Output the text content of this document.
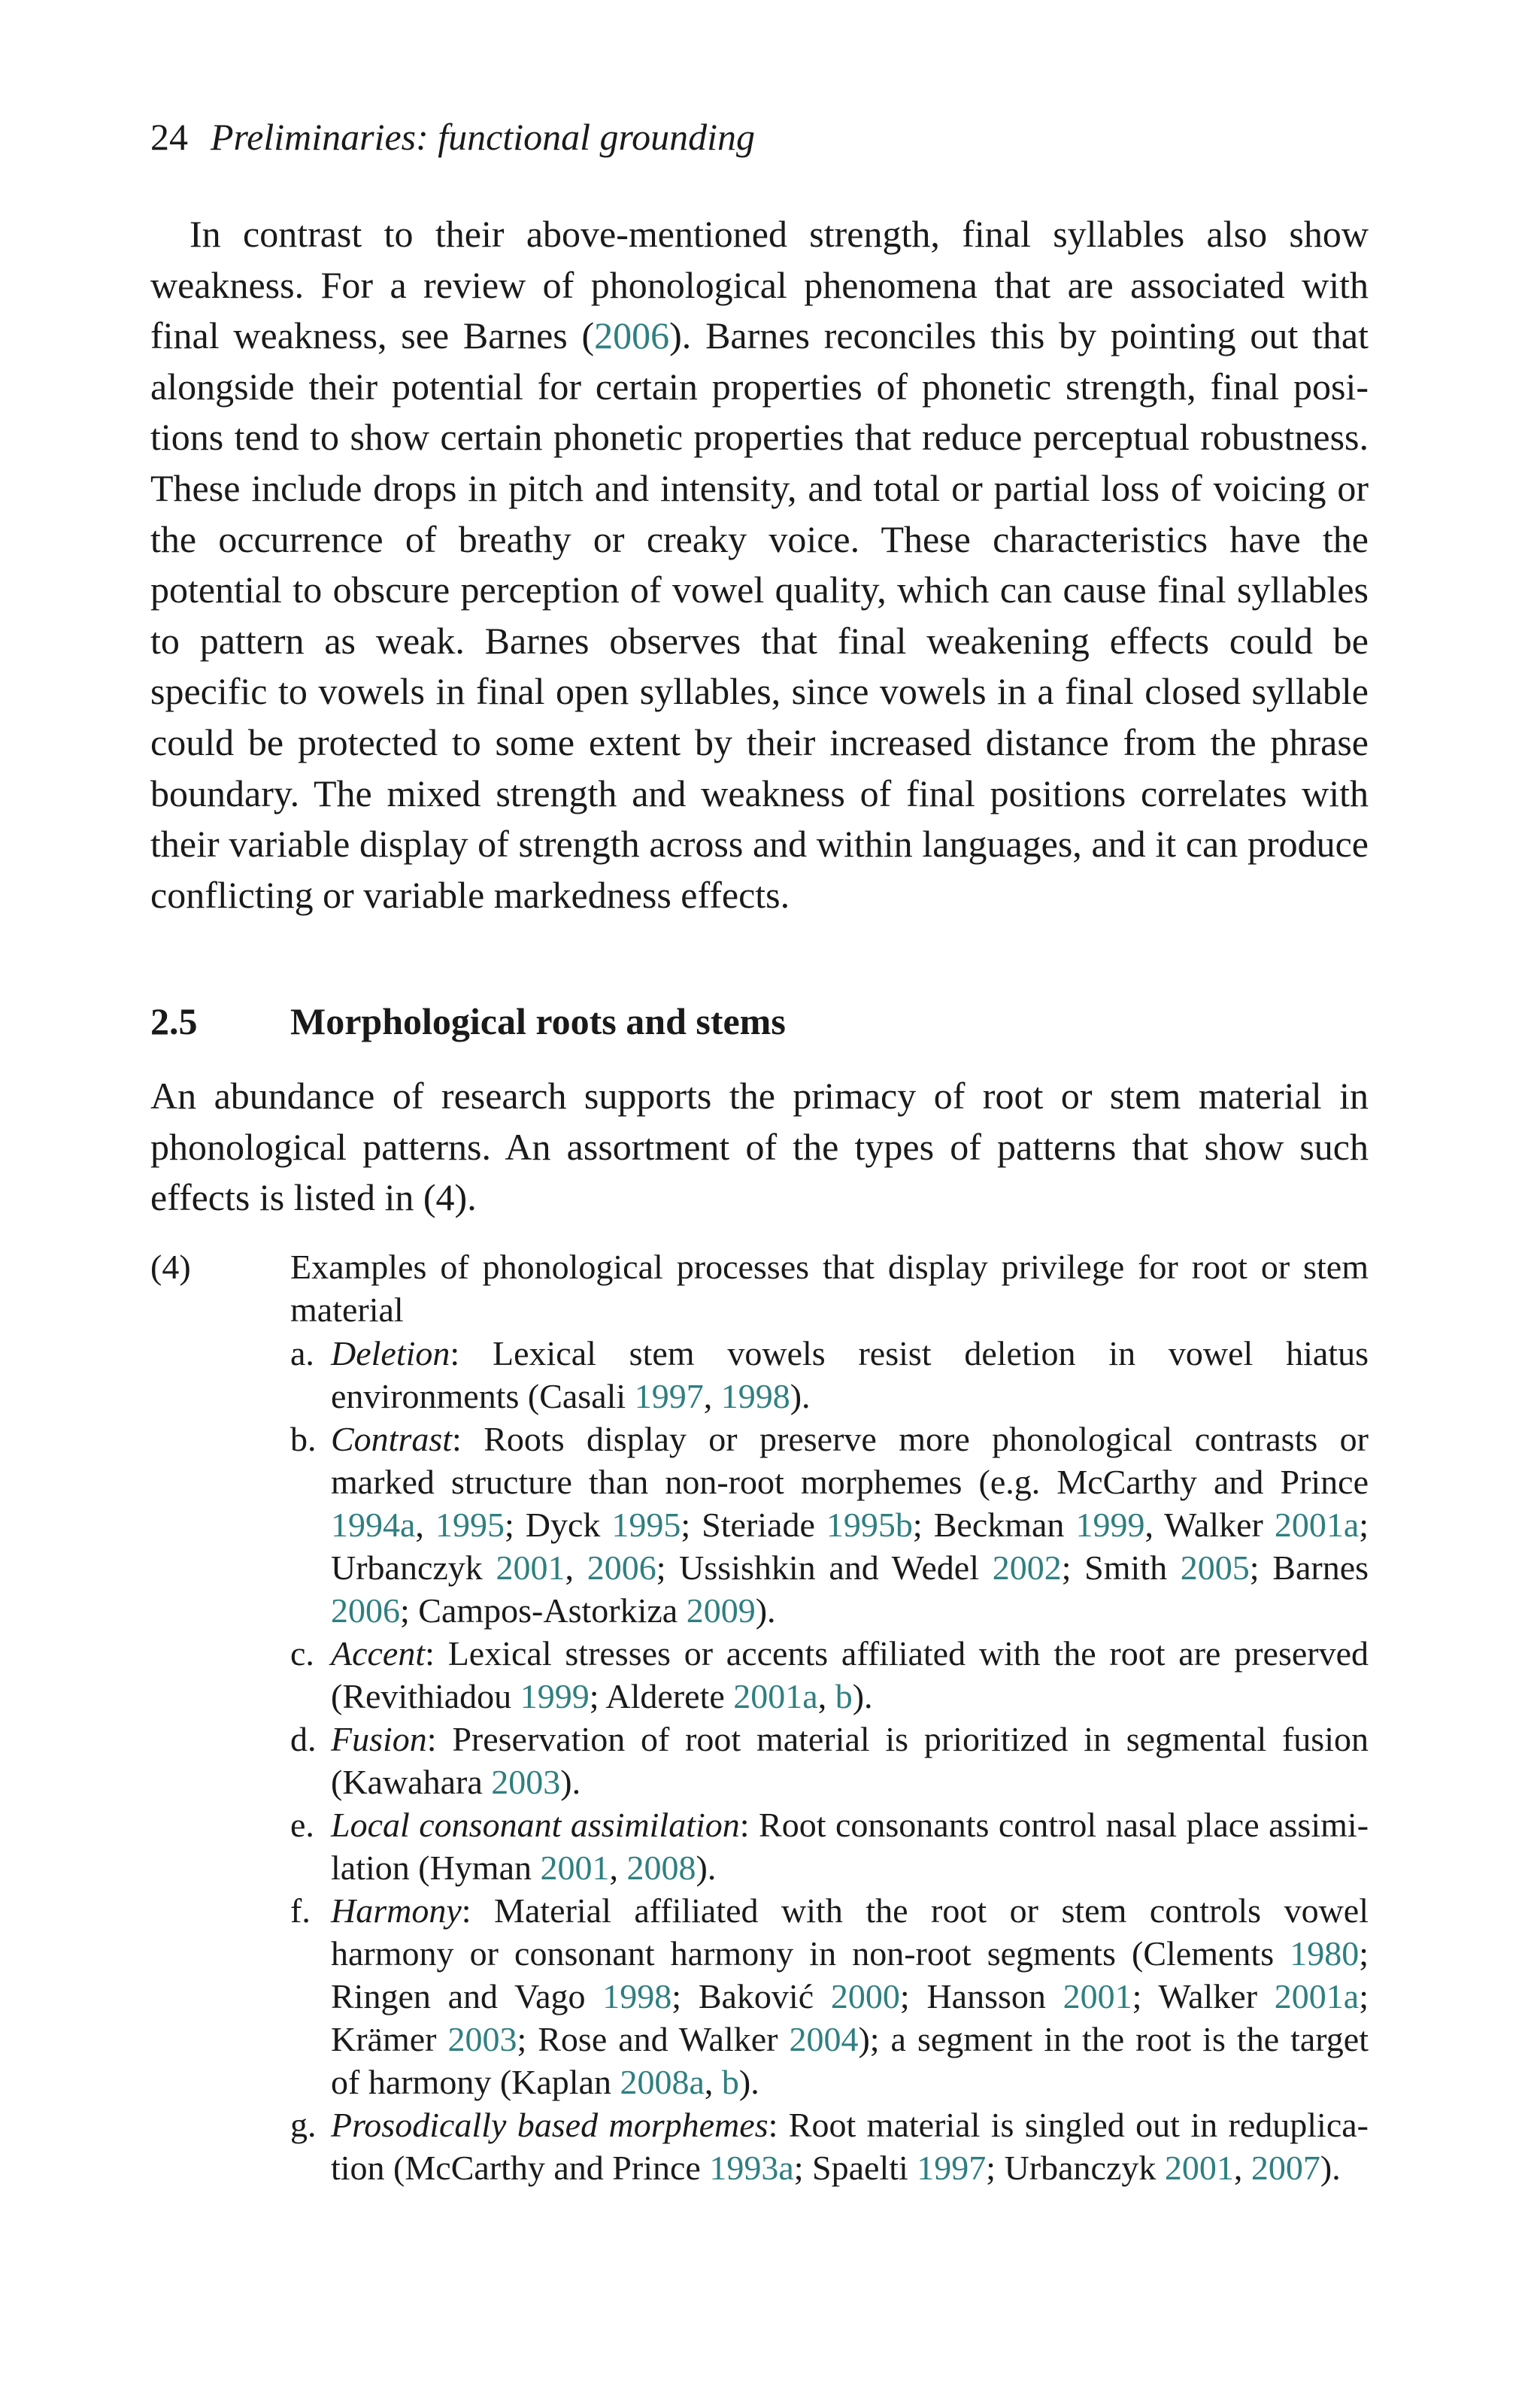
24 Preliminaries: functional grounding

In contrast to their above-mentioned strength, final syllables also show weakness. For a review of phonological phenomena that are associated with final weakness, see Barnes (2006). Barnes reconciles this by pointing out that alongside their potential for certain properties of phonetic strength, final positions tend to show certain phonetic properties that reduce perceptual robustness. These include drops in pitch and intensity, and total or partial loss of voicing or the occurrence of breathy or creaky voice. These characteristics have the potential to obscure perception of vowel quality, which can cause final syllables to pattern as weak. Barnes observes that final weakening effects could be specific to vowels in final open syllables, since vowels in a final closed syllable could be protected to some extent by their increased distance from the phrase boundary. The mixed strength and weakness of final positions correlates with their variable display of strength across and within languages, and it can produce conflicting or variable markedness effects.

2.5 Morphological roots and stems

An abundance of research supports the primacy of root or stem material in phonological patterns. An assortment of the types of patterns that show such effects is listed in (4).

(4)	Examples of phonological processes that display privilege for root or stem material

a. Deletion: Lexical stem vowels resist deletion in vowel hiatus environments (Casali 1997, 1998).
b. Contrast: Roots display or preserve more phonological contrasts or marked structure than non-root morphemes (e.g. McCarthy and Prince 1994a, 1995; Dyck 1995; Steriade 1995b; Beckman 1999, Walker 2001a; Urbanczyk 2001, 2006; Ussishkin and Wedel 2002; Smith 2005; Barnes 2006; Campos-Astorkiza 2009).
c. Accent: Lexical stresses or accents affiliated with the root are preserved (Revithiadou 1999; Alderete 2001a, b).
d. Fusion: Preservation of root material is prioritized in segmental fusion (Kawahara 2003).
e. Local consonant assimilation: Root consonants control nasal place assimilation (Hyman 2001, 2008).
f. Harmony: Material affiliated with the root or stem controls vowel harmony or consonant harmony in non-root segments (Clements 1980; Ringen and Vago 1998; Baković 2000; Hansson 2001; Walker 2001a; Krämer 2003; Rose and Walker 2004); a segment in the root is the target of harmony (Kaplan 2008a, b).
g. Prosodically based morphemes: Root material is singled out in reduplication (McCarthy and Prince 1993a; Spaelti 1997; Urbanczyk 2001, 2007).
